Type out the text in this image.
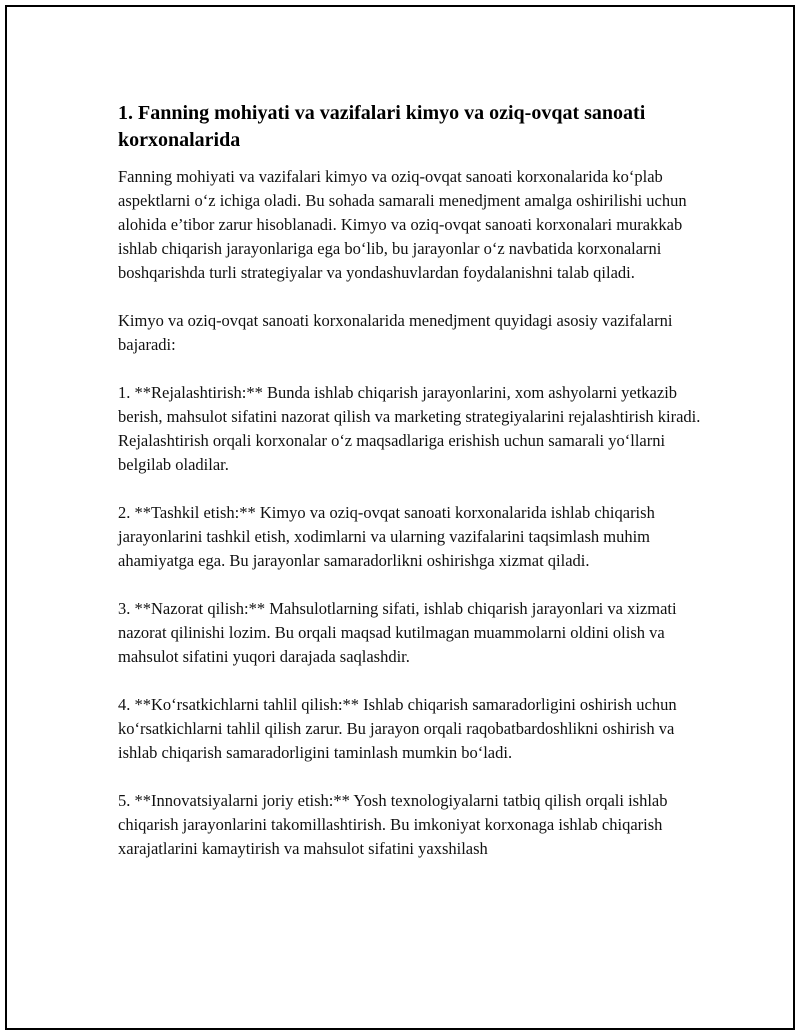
1. Fanning mohiyati va vazifalari kimyo va oziq-ovqat sanoati korxonalarida

Fanning mohiyati va vazifalari kimyo va oziq-ovqat sanoati korxonalarida ko‘plab aspektlarni o‘z ichiga oladi. Bu sohada samarali menedjment amalga oshirilishi uchun alohida e’tibor zarur hisoblanadi. Kimyo va oziq-ovqat sanoati korxonalari murakkab ishlab chiqarish jarayonlariga ega bo‘lib, bu jarayonlar o‘z navbatida korxonalarni boshqarishda turli strategiyalar va yondashuvlardan foydalanishni talab qiladi.

Kimyo va oziq-ovqat sanoati korxonalarida menedjment quyidagi asosiy vazifalarni bajaradi:

1. **Rejalashtirish:** Bunda ishlab chiqarish jarayonlarini, xom ashyolarni yetkazib berish, mahsulot sifatini nazorat qilish va marketing strategiyalarini rejalashtirish kiradi. Rejalashtirish orqali korxonalar o‘z maqsadlariga erishish uchun samarali yo‘llarni belgilab oladilar.

2. **Tashkil etish:** Kimyo va oziq-ovqat sanoati korxonalarida ishlab chiqarish jarayonlarini tashkil etish, xodimlarni va ularning vazifalarini taqsimlash muhim ahamiyatga ega. Bu jarayonlar samaradorlikni oshirishga xizmat qiladi.

3. **Nazorat qilish:** Mahsulotlarning sifati, ishlab chiqarish jarayonlari va xizmati nazorat qilinishi lozim. Bu orqali maqsad kutilmagan muammolarni oldini olish va mahsulot sifatini yuqori darajada saqlashdir.

4. **Ko‘rsatkichlarni tahlil qilish:** Ishlab chiqarish samaradorligini oshirish uchun ko‘rsatkichlarni tahlil qilish zarur. Bu jarayon orqali raqobatbardoshlikni oshirish va ishlab chiqarish samaradorligini taminlash mumkin bo‘ladi.

5. **Innovatsiyalarni joriy etish:** Yosh texnologiyalarni tatbiq qilish orqali ishlab chiqarish jarayonlarini takomillashtirish. Bu imkoniyat korxonaga ishlab chiqarish xarajatlarini kamaytirish va mahsulot sifatini yaxshilash
